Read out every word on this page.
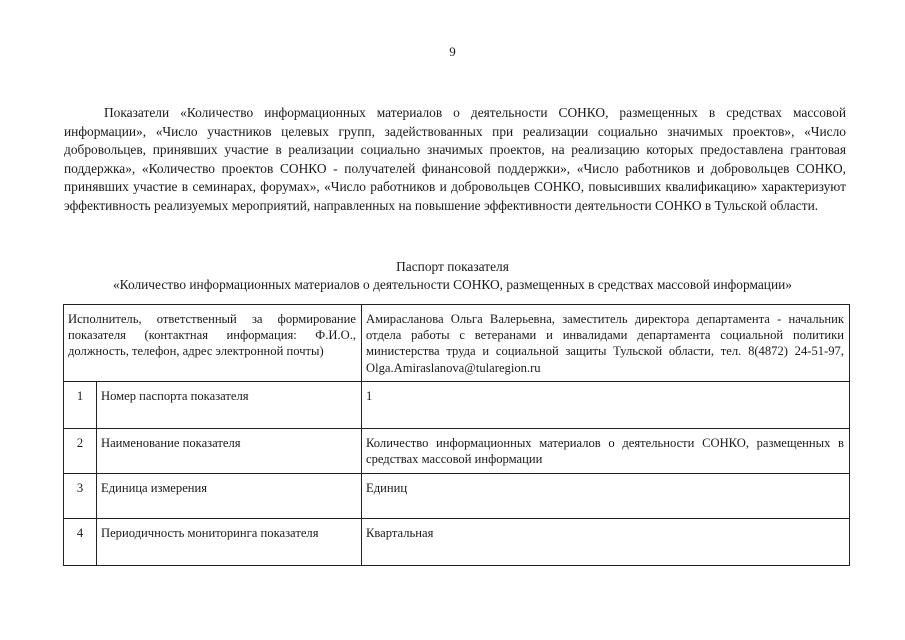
9

Показатели «Количество информационных материалов о деятельности СОНКО, размещенных в средствах массовой информации», «Число участников целевых групп, задействованных при реализации социально значимых проектов», «Число добровольцев, принявших участие в реализации социально значимых проектов, на реализацию которых предоставлена грантовая поддержка», «Количество проектов СОНКО - получателей финансовой поддержки», «Число работников и добровольцев СОНКО, принявших участие в семинарах, форумах», «Число работников и добровольцев СОНКО, повысивших квалификацию» характеризуют эффективность реализуемых мероприятий, направленных на повышение эффективности деятельности СОНКО в Тульской области.

Паспорт показателя
«Количество информационных материалов о деятельности СОНКО, размещенных в средствах массовой информации»
Исполнитель, ответственный за формирование показателя (контактная информация: Ф.И.О., должность, телефон, адрес электронной почты)		Амирасланова Ольга Валерьевна, заместитель директора департамента - начальник отдела работы с ветеранами и инвалидами департамента социальной политики министерства труда и социальной защиты Тульской области, тел. 8(4872) 24-51-97, Olga.Amiraslanova@tularegion.ru
1	Номер паспорта показателя	1
2	Наименование показателя	Количество информационных материалов о деятельности СОНКО, размещенных в средствах массовой информации
3	Единица измерения	Единиц
4	Периодичность мониторинга показателя	Квартальная
